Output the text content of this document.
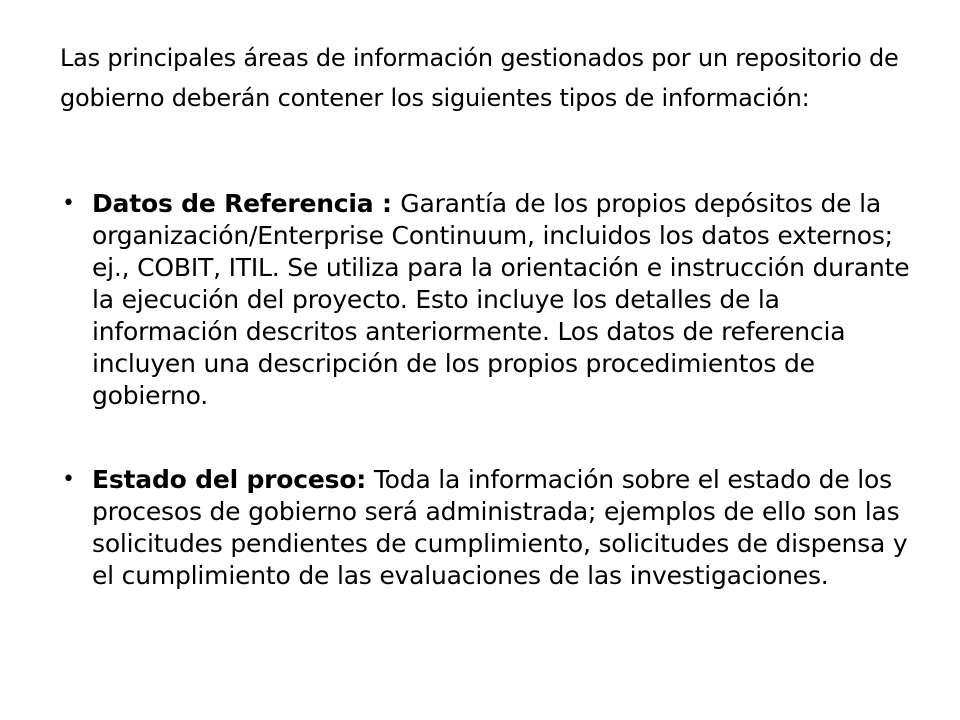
Las principales áreas de información gestionados por un repositorio de gobierno deberán contener los siguientes tipos de información:

• Datos de Referencia : Garantía de los propios depósitos de la organización/Enterprise Continuum, incluidos los datos externos; ej., COBIT, ITIL. Se utiliza para la orientación e instrucción durante la ejecución del proyecto. Esto incluye los detalles de la información descritos anteriormente. Los datos de referencia incluyen una descripción de los propios procedimientos de gobierno.
• Estado del proceso: Toda la información sobre el estado de los procesos de gobierno será administrada; ejemplos de ello son las solicitudes pendientes de cumplimiento, solicitudes de dispensa y el cumplimiento de las evaluaciones de las investigaciones.
